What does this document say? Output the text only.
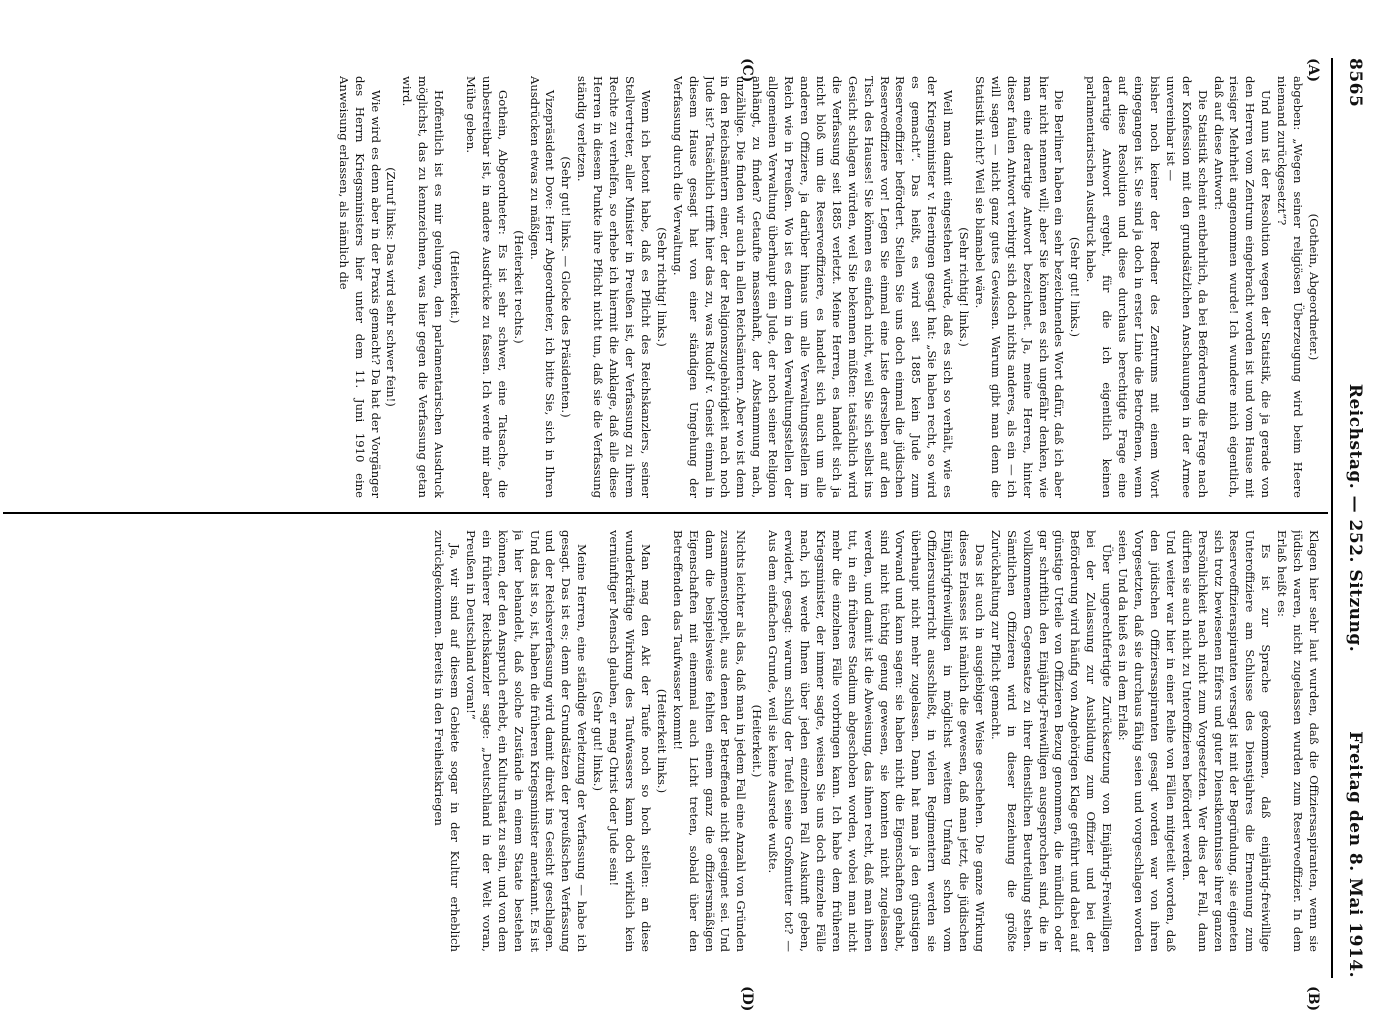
8565
Reichstag. — 252. Sitzung.
Freitag den 8. Mai 1914.
(A)
(B)
(C)
(D)

(Gothein, Abgeordneter.)

abgeben: „Wegen seiner religiösen Überzeugung wird beim Heere niemand zurückgesetzt“?

Und nun ist der Resolution wegen der Statistik, die ja gerade von den Herren vom Zentrum eingebracht worden ist und vom Hause mit riesiger Mehrheit angenommen wurde! Ich wundere mich eigentlich, daß auf diese Antwort:

Die Statistik scheint entbehrlich, da bei Beförderung die Frage nach der Konfession mit den grundsätzlichen Anschauungen in der Armee unvereinbar ist —

bisher noch keiner der Redner des Zentrums mit einem Wort eingegangen ist. Sie sind ja doch in erster Linie die Betroffenen, wenn auf diese Resolution und diese durchaus berechtigte Frage eine derartige Antwort ergeht, für die ich eigentlich keinen parlamentarischen Ausdruck habe.

(Sehr gut! links.)

Die Berliner haben ein sehr bezeichnendes Wort dafür, daß ich aber hier nicht nennen will; aber Sie können es sich ungefähr denken, wie man eine derartige Antwort bezeichnet. Ja, meine Herren, hinter dieser faulen Antwort verbirgt sich doch nichts anderes, als ein — ich will sagen — nicht ganz gutes Gewissen. Warum gibt man denn die Statistik nicht? Weil sie blamabel wäre.

(Sehr richtig! links.)

Weil man damit eingestehen würde, daß es sich so verhält, wie es der Kriegsminister v. Heeringen gesagt hat: „Sie haben recht, so wird es gemacht“. Das heißt, es wird seit 1885 kein Jude zum Reserveoffizier befördert. Stellen Sie uns doch einmal die jüdischen Reserveoffiziere vor! Legen Sie einmal eine Liste derselben auf den Tisch des Hauses! Sie können es einfach nicht, weil Sie sich selbst ins Gesicht schlagen würden, weil Sie bekennen müßten: tatsächlich wird die Verfassung seit 1885 verletzt. Meine Herren, es handelt sich ja nicht bloß um die Reserveoffiziere, es handelt sich auch um alle anderen Offiziere, ja darüber hinaus um alle Verwaltungsstellen im Reich wie in Preußen. Wo ist es denn in den Verwaltungsstellen der allgemeinen Verwaltung überhaupt ein Jude, der noch seiner Religion anhängt, zu finden? Getaufte massenhaft, der Abstammung nach, unzählige. Die finden wir auch in allen Reichsämtern. Aber wo ist denn in den Reichsämtern einer, der der Religionszugehörigkeit nach noch Jude ist? Tatsächlich trifft hier das zu, was Rudolf v. Gneist einmal in diesem Hause gesagt hat von einer ständigen Umgehung der Verfassung durch die Verwaltung.

(Sehr richtig! links.)

Wenn ich betont habe, daß es Pflicht des Reichskanzlers, seiner Stellvertreter, aller Minister in Preußen ist, der Verfassung zu ihrem Rechte zu verhelfen, so erhebe ich hiermit die Anklage, daß alle diese Herren in diesem Punkte ihre Pflicht nicht tun, daß sie die Verfassung ständig verletzen.

(Sehr gut! links. — Glocke des Präsidenten.)

Vizepräsident Dove: Herr Abgeordneter, ich bitte Sie, sich in Ihren Ausdrücken etwas zu mäßigen.

(Heiterkeit rechts.)

Gothein, Abgeordneter: Es ist sehr schwer, eine Tatsache, die unbestreitbar ist, in andere Ausdrücke zu fassen. Ich werde mir aber Mühe geben.

(Heiterkeit.)

Hoffentlich ist es mir gelungen, den parlamentarischen Ausdruck möglichst, das zu kennzeichnen, was hier gegen die Verfassung getan wird.

(Zuruf links: Das wird sehr schwer fein!)

Wie wird es denn aber in der Praxis gemacht? Da hat der Vorgänger des Herrn Kriegsministers hier unter dem 11. Juni 1910 eine Anweisung erlassen, als nämlich die

Klagen hier sehr laut wurden, daß die Offiziersaspiranten, wenn sie jüdisch waren, nicht zugelassen wurden zum Reserveoffizier. In dem Erlaß heißt es:

Es ist zur Sprache gekommen, daß einjährig-freiwillige Unteroffiziere am Schlusse des Dienstjahres die Ernennung zum Reserveoffizieraspiranten versagt ist mit der Begründung, sie eigneten sich trotz bewiesenen Eifers und guter Dienstkenntnisse ihrer ganzen Persönlichkeit nach nicht zum Vorgesetzten. Wer dies der Fall, dann dürften sie auch nicht zu Unteroffizieren befördert werden.

Und weiter war hier in einer Reihe von Fällen mitgeteilt worden, daß den jüdischen Offiziersaspiranten gesagt worden war von ihren Vorgesetzten, daß sie durchaus fähig seien und vorgeschlagen worden seien. Und da hieß es in dem Erlaß:

Über ungerechtfertigte Zurücksetzung von Einjährig-Freiwilligen bei der Zulassung zur Ausbildung zum Offizier und bei der Beförderung wird häufig von Angehörigen Klage geführt und dabei auf günstige Urteile von Offizieren Bezug genommen, die mündlich oder gar schriftlich den Einjährig-Freiwilligen ausgesprochen sind, die in vollkommenem Gegensatze zu ihrer dienstlichen Beurteilung stehen. Sämtlichen Offizieren wird in dieser Beziehung die größte Zurückhaltung zur Pflicht gemacht.

Das ist auch in ausgiebiger Weise geschehen. Die ganze Wirkung dieses Erlasses ist nämlich die gewesen, daß man jetzt, die jüdischen Einjährigfreiwilligen in möglichst weitem Umfang schon vom Offiziersunterricht ausschließt, in vielen Regimentern werden sie überhaupt nicht mehr zugelassen. Dann hat man ja den günstigen Vorwand und kann sagen: sie haben nicht die Eigenschaften gehabt, sind nicht tüchtig genug gewesen, sie konnten nicht zugelassen werden, und damit ist die Abweisung, das ihnen recht, daß man ihnen tut, in ein früheres Stadium abgeschoben worden, wobei man nicht mehr die einzelnen Fälle vorbringen kann. Ich habe dem früheren Kriegsminister, der immer sagte, weisen Sie uns doch einzelne Fälle nach, ich werde Ihnen über jeden einzelnen Fall Auskunft geben, erwidert, gesagt: warum schlug der Teufel seine Großmutter tot? — Aus dem einfachen Grunde, weil sie keine Ausrede wußte.

(Heiterkeit.)

Nichts leichter als das, daß man in jedem Fall eine Anzahl von Gründen zusammenstoppelt, aus denen der Betreffende nicht geeignet sei. Und dann die beispielsweise fehlten einem ganz die offiziersmäßigen Eigenschaften mit einemmal auch Licht treten, sobald über den Betreffenden das Taufwasser kommt!

(Heiterkeit links.)

Man mag den Akt der Taufe noch so hoch stellen: an diese wunderkräftige Wirkung des Taufwassers kann doch wirklich kein vernünftiger Mensch glauben, er mag Christ oder Jude sein!

(Sehr gut! links.)

Meine Herren, eine ständige Verletzung der Verfassung — habe ich gesagt. Das ist es; denn der Grundsätzen der preußischen Verfassung und der Reichsverfassung wird damit direkt ins Gesicht geschlagen. Und das ist so, ist, haben die früheren Kriegsminister anerkannt. Es ist ja hier behandelt, daß solche Zustände in einem Staate bestehen können, der den Anspruch erhebt, ein Kulturstaat zu sein, und von dem ein früherer Reichskanzler sagte: „Deutschland in der Welt voran, Preußen in Deutschland voran!“

Ja, wir sind auf diesem Gebiete sogar in der Kultur erheblich zurückgekommen. Bereits in den Freiheitskriegen
